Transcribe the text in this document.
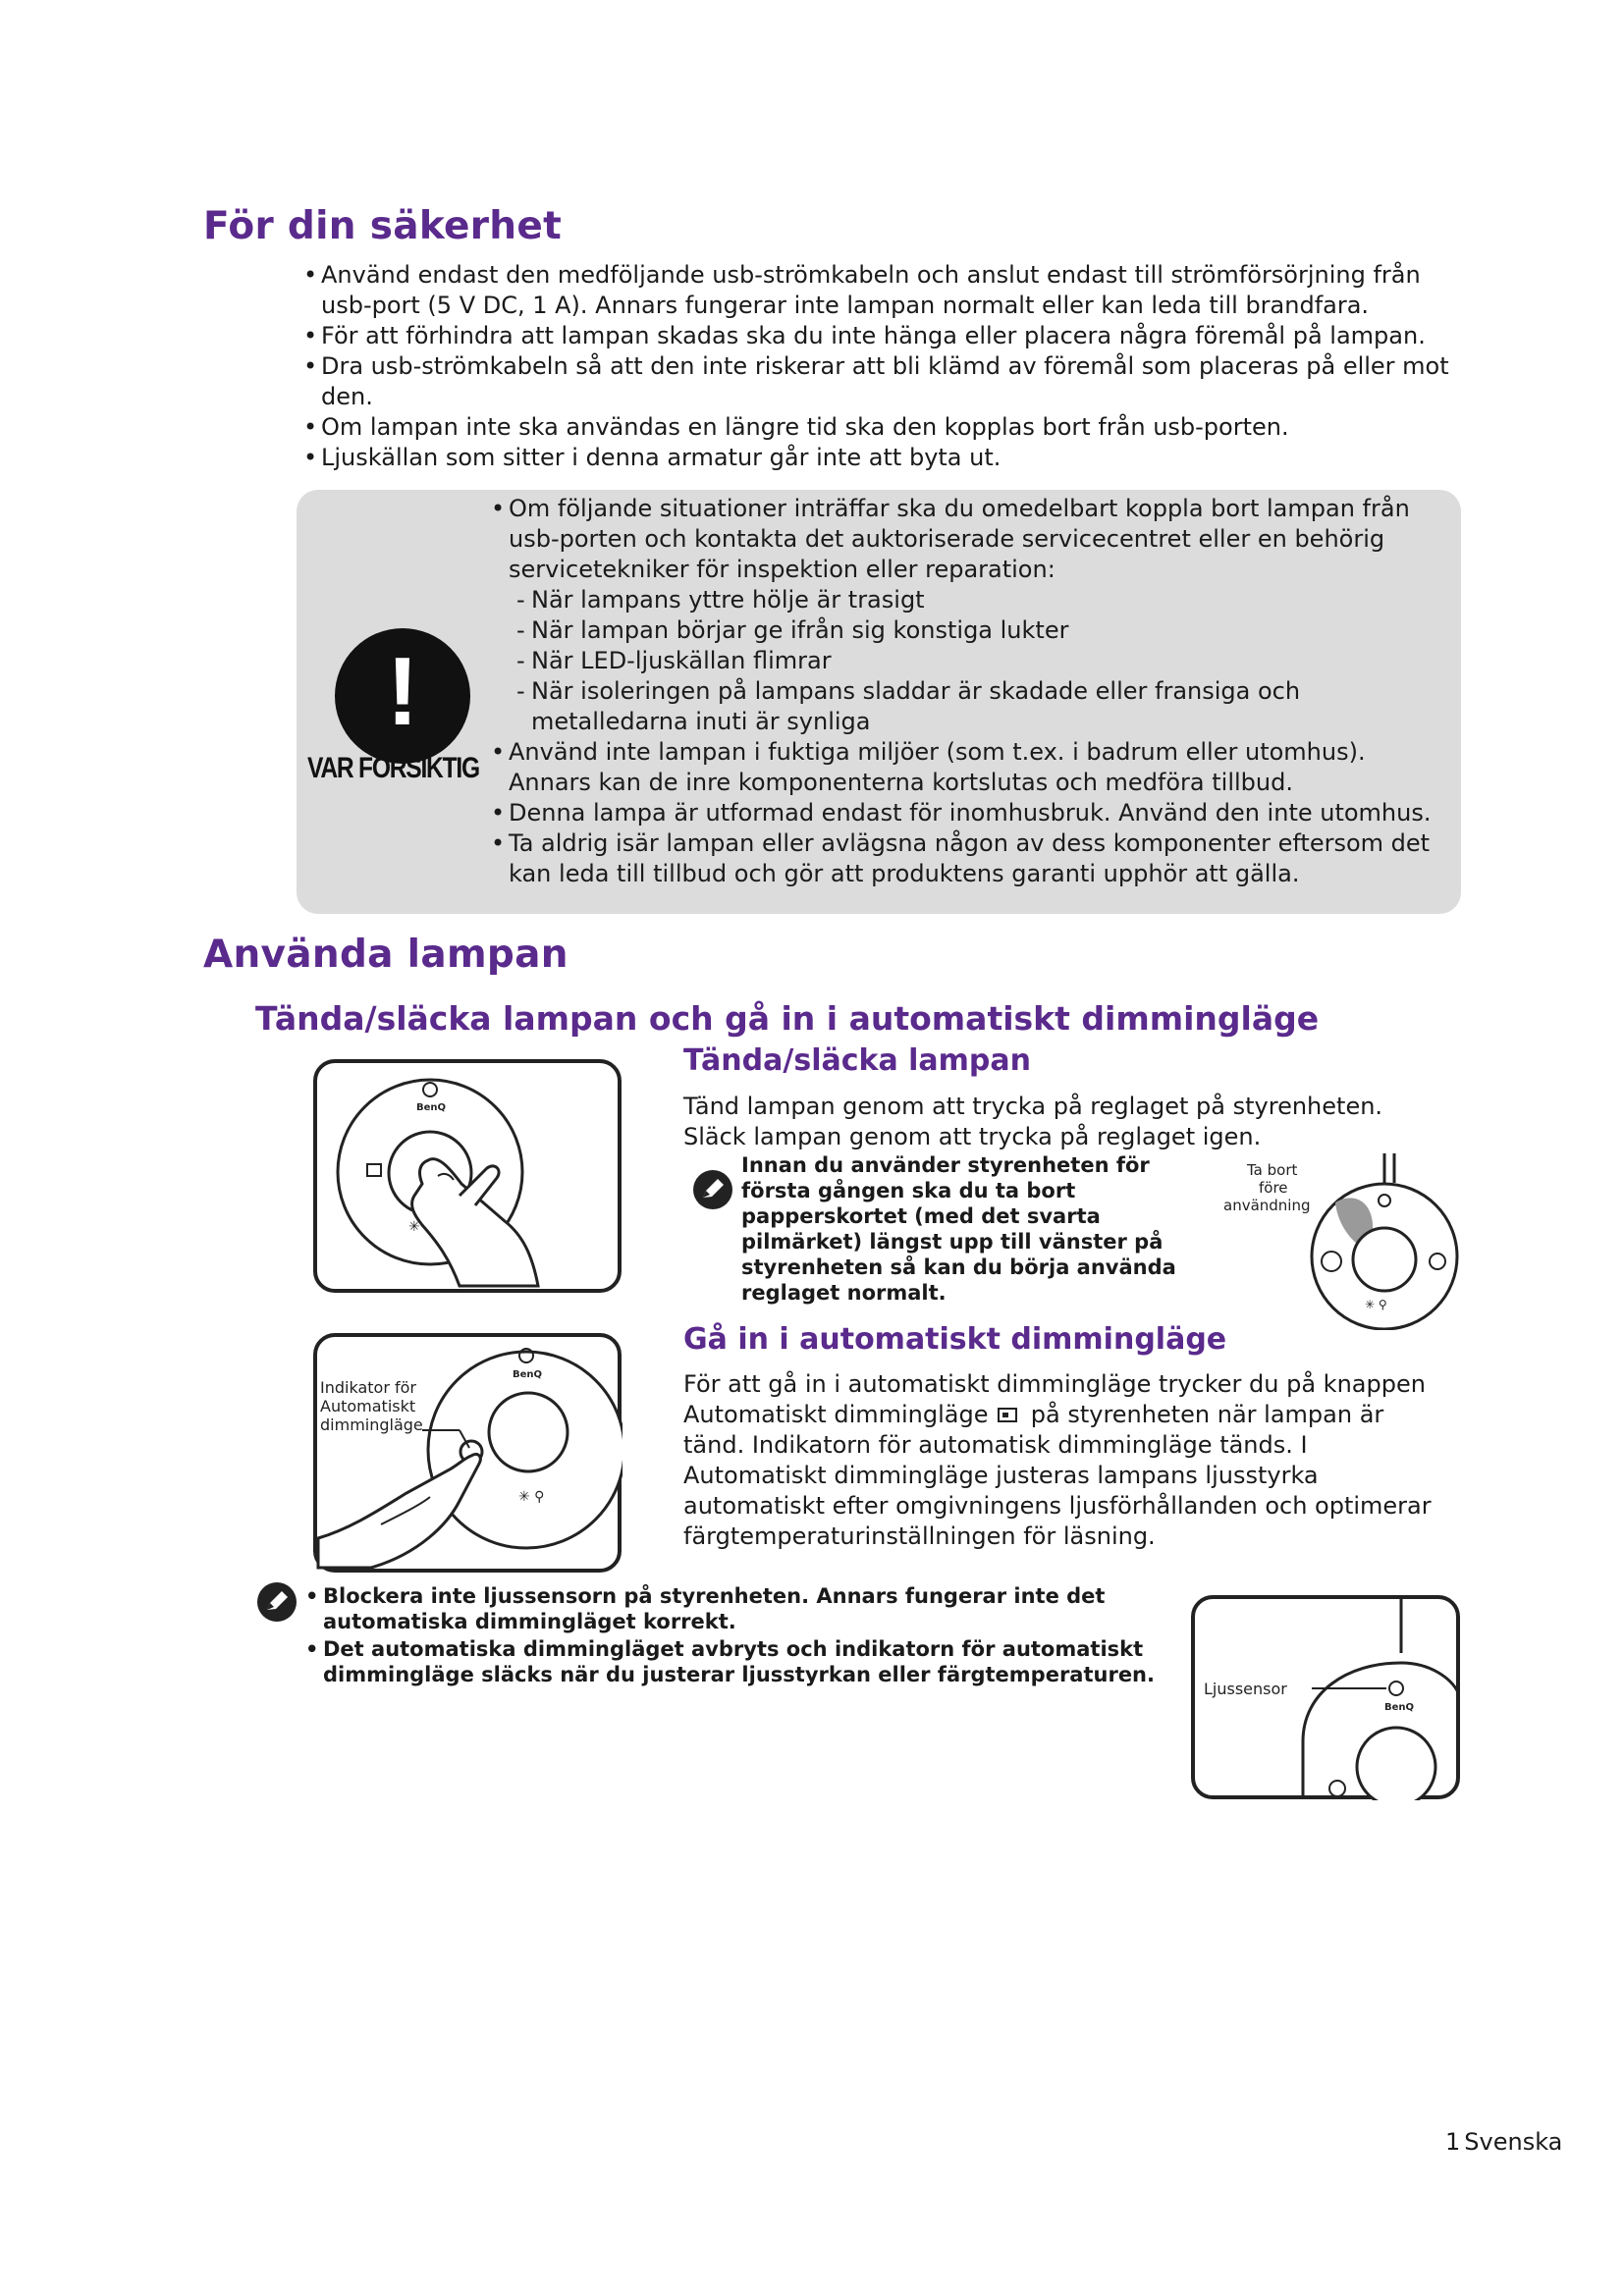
För din säkerhet
• Använd endast den medföljande usb-strömkabeln och anslut endast till strömförsörjning från usb-port (5 V DC, 1 A). Annars fungerar inte lampan normalt eller kan leda till brandfara.
• För att förhindra att lampan skadas ska du inte hänga eller placera några föremål på lampan.
• Dra usb-strömkabeln så att den inte riskerar att bli klämd av föremål som placeras på eller mot den.
• Om lampan inte ska användas en längre tid ska den kopplas bort från usb-porten.
• Ljuskällan som sitter i denna armatur går inte att byta ut.
!
VAR FÖRSIKTIG
• Om följande situationer inträffar ska du omedelbart koppla bort lampan från usb-porten och kontakta det auktoriserade servicecentret eller en behörig servicetekniker för inspektion eller reparation:
- När lampans yttre hölje är trasigt
- När lampan börjar ge ifrån sig konstiga lukter
- När LED-ljuskällan flimrar
- När isoleringen på lampans sladdar är skadade eller fransiga och metalledarna inuti är synliga
• Använd inte lampan i fuktiga miljöer (som t.ex. i badrum eller utomhus). Annars kan de inre komponenterna kortslutas och medföra tillbud.
• Denna lampa är utformad endast för inomhusbruk. Använd den inte utomhus.
• Ta aldrig isär lampan eller avlägsna någon av dess komponenter eftersom det kan leda till tillbud och gör att produktens garanti upphör att gälla.
Använda lampan
Tända/släcka lampan och gå in i automatiskt dimmingläge
Tända/släcka lampan
Tänd lampan genom att trycka på reglaget på styrenheten. Släck lampan genom att trycka på reglaget igen.
Innan du använder styrenheten för första gången ska du ta bort papperskortet (med det svarta pilmärket) längst upp till vänster på styrenheten så kan du börja använda reglaget normalt.
BenQ
✳
Ta bort
före
användning
✳ ⚲
Gå in i automatiskt dimmingläge
För att gå in i automatiskt dimmingläge trycker du på knappen Automatiskt dimmingläge på styrenheten när lampan är tänd. Indikatorn för automatisk dimmingläge tänds. I Automatiskt dimmingläge justeras lampans ljusstyrka automatiskt efter omgivningens ljusförhållanden och optimerar färgtemperaturinställningen för läsning.
BenQ
✳ ⚲
Indikator för
Automatiskt
dimmingläge
• Blockera inte ljussensorn på styrenheten. Annars fungerar inte det automatiska dimmingläget korrekt.
• Det automatiska dimmingläget avbryts och indikatorn för automatiskt dimmingläge släcks när du justerar ljusstyrkan eller färgtemperaturen.
BenQ
Ljussensor
1 Svenska
